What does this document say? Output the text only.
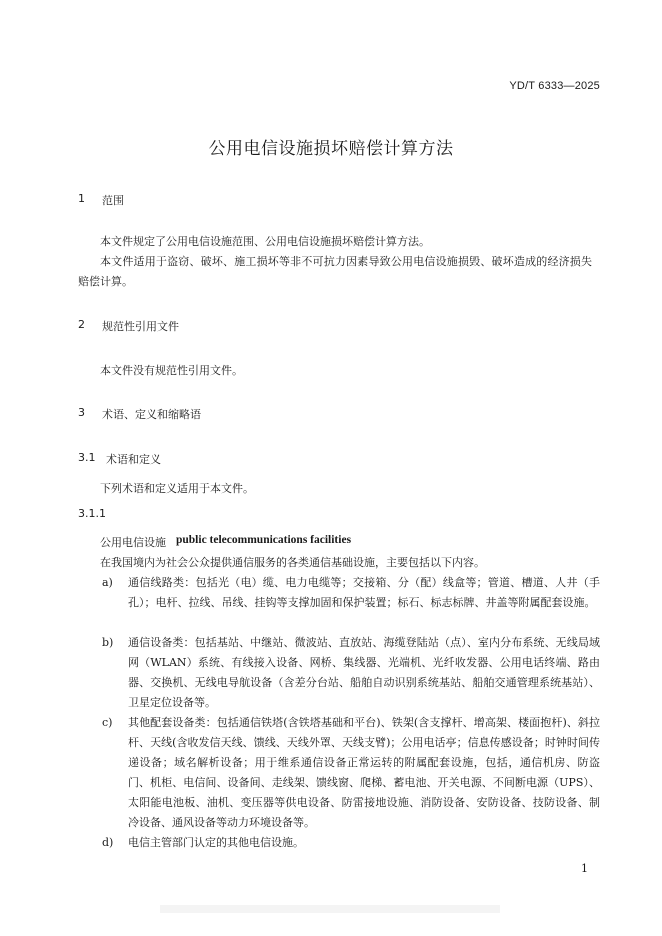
YD/T 6333—2025
公用电信设施损坏赔偿计算方法
1	范围
本文件规定了公用电信设施范围、公用电信设施损坏赔偿计算方法。
本文件适用于盗窃、破坏、施工损坏等非不可抗力因素导致公用电信设施损毁、破坏造成的经济损失赔偿计算。
2	规范性引用文件
本文件没有规范性引用文件。
3	术语、定义和缩略语
3.1 术语和定义
下列术语和定义适用于本文件。
3.1.1
公用电信设施 public telecommunications facilities
在我国境内为社会公众提供通信服务的各类通信基础设施，主要包括以下内容。
a)	通信线路类：包括光（电）缆、电力电缆等；交接箱、分（配）线盒等；管道、槽道、人井（手孔）；电杆、拉线、吊线、挂钩等支撑加固和保护装置；标石、标志标牌、井盖等附属配套设施。
b)	通信设备类：包括基站、中继站、微波站、直放站、海缆登陆站（点）、室内分布系统、无线局域网（WLAN）系统、有线接入设备、网桥、集线器、光端机、光纤收发器、公用电话终端、路由器、交换机、无线电导航设备（含差分台站、船舶自动识别系统基站、船舶交通管理系统基站）、卫星定位设备等。
c)	其他配套设备类：包括通信铁塔(含铁塔基础和平台)、铁架(含支撑杆、增高架、楼面抱杆)、斜拉杆、天线(含收发信天线、馈线、天线外罩、天线支臂)；公用电话亭；信息传感设备；时钟时间传递设备；域名解析设备；用于维系通信设备正常运转的附属配套设施，包括，通信机房、防盗门、机柜、电信间、设备间、走线架、馈线窗、爬梯、蓄电池、开关电源、不间断电源（UPS）、太阳能电池板、油机、变压器等供电设备、防雷接地设施、消防设备、安防设备、技防设备、制冷设备、通风设备等动力环境设备等。
d)	电信主管部门认定的其他电信设施。
1
